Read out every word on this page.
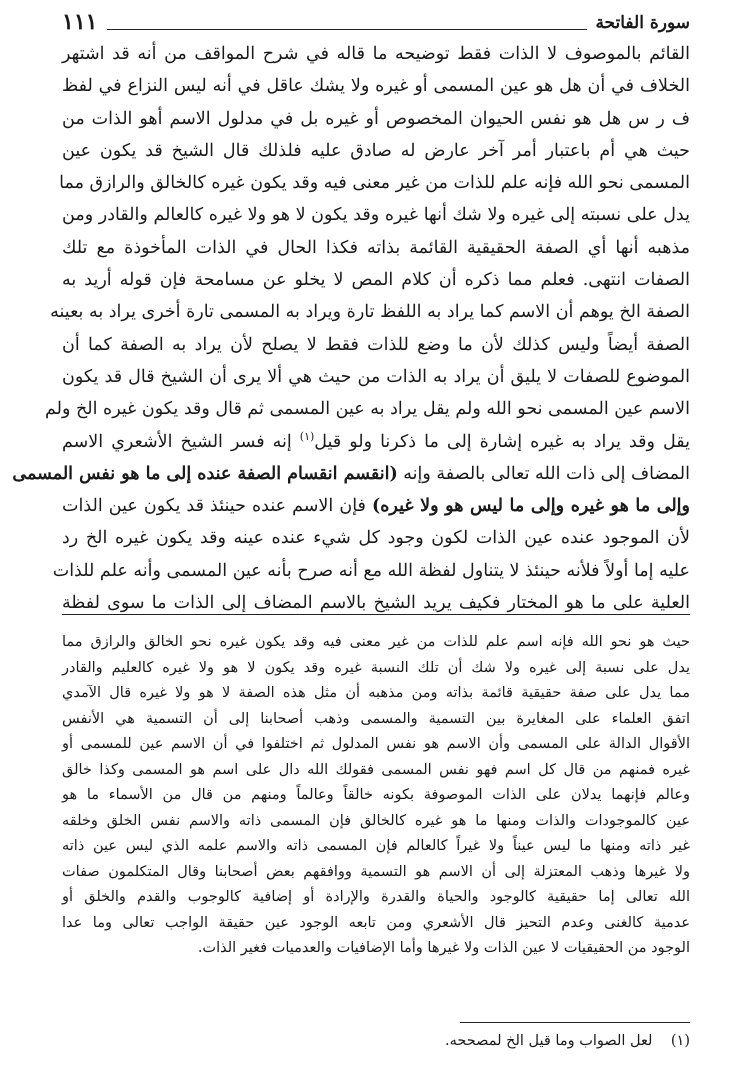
سورة الفاتحة
١١١
القائم بالموصوف لا الذات فقط توضيحه ما قاله في شرح المواقف من أنه قد اشتهر
الخلاف في أن هل هو عين المسمى أو غيره ولا يشك عاقل في أنه ليس النزاع في لفظ
ف ر س هل هو نفس الحيوان المخصوص أو غيره بل في مدلول الاسم أهو الذات من
حيث هي أم باعتبار أمر آخر عارض له صادق عليه فلذلك قال الشيخ قد يكون عين
المسمى نحو الله فإنه علم للذات من غير معنى فيه وقد يكون غيره كالخالق والرازق مما
يدل على نسبته إلى غيره ولا شك أنها غيره وقد يكون لا هو ولا غيره كالعالم والقادر ومن
مذهبه أنها أي الصفة الحقيقية القائمة بذاته فكذا الحال في الذات المأخوذة مع تلك
الصفات انتهى. فعلم مما ذكره أن كلام المص لا يخلو عن مسامحة فإن قوله أريد به
الصفة الخ يوهم أن الاسم كما يراد به اللفظ تارة ويراد به المسمى تارة أخرى يراد به بعينه
الصفة أيضاً وليس كذلك لأن ما وضع للذات فقط لا يصلح لأن يراد به الصفة كما أن
الموضوع للصفات لا يليق أن يراد به الذات من حيث هي ألا يرى أن الشيخ قال قد يكون
الاسم عين المسمى نحو الله ولم يقل يراد به عين المسمى ثم قال وقد يكون غيره الخ ولم
يقل وقد يراد به غيره إشارة إلى ما ذكرنا ولو قيل$^{(١)}$ إنه فسر الشيخ الأشعري الاسم
المضاف إلى ذات الله تعالى بالصفة وإنه (انقسم انقسام الصفة عنده إلى ما هو نفس المسمى
وإلى ما هو غيره وإلى ما ليس هو ولا غيره) فإن الاسم عنده حينئذ قد يكون عين الذات
لأن الموجود عنده عين الذات لكون وجود كل شيء عنده عينه وقد يكون غيره الخ رد
عليه إما أولاً فلأنه حينئذ لا يتناول لفظة الله مع أنه صرح بأنه عين المسمى وأنه علم للذات
العلية على ما هو المختار فكيف يريد الشيخ بالاسم المضاف إلى الذات ما سوى لفظة
حيث هو نحو الله فإنه اسم علم للذات من غير معنى فيه وقد يكون غيره نحو الخالق والرازق مما
يدل على نسبة إلى غيره ولا شك أن تلك النسبة غيره وقد يكون لا هو ولا غيره كالعليم والقادر
مما يدل على صفة حقيقية قائمة بذاته ومن مذهبه أن مثل هذه الصفة لا هو ولا غيره قال الآمدي
اتفق العلماء على المغايرة بين التسمية والمسمى وذهب أصحابنا إلى أن التسمية هي الأنفس
الأقوال الدالة على المسمى وأن الاسم هو نفس المدلول ثم اختلفوا في أن الاسم عين للمسمى أو
غيره فمنهم من قال كل اسم فهو نفس المسمى فقولك الله دال على اسم هو المسمى وكذا خالق
وعالم فإنهما يدلان على الذات الموصوفة بكونه خالقاً وعالماً ومنهم من قال من الأسماء ما هو
عين كالموجودات والذات ومنها ما هو غيره كالخالق فإن المسمى ذاته والاسم نفس الخلق وخلقه
غير ذاته ومنها ما ليس عيناً ولا غيراً كالعالم فإن المسمى ذاته والاسم علمه الذي ليس عين ذاته
ولا غيرها وذهب المعتزلة إلى أن الاسم هو التسمية ووافقهم بعض أصحابنا وقال المتكلمون صفات
الله تعالى إما حقيقية كالوجود والحياة والقدرة والإرادة أو إضافية كالوجوب والقدم والخلق أو
عدمية كالغنى وعدم التحيز قال الأشعري ومن تابعه الوجود عين حقيقة الواجب تعالى وما عدا
الوجود من الحقيقيات لا عين الذات ولا غيرها وأما الإضافيات والعدميات فغير الذات.
(١)    لعل الصواب وما قيل الخ لمصححه.
